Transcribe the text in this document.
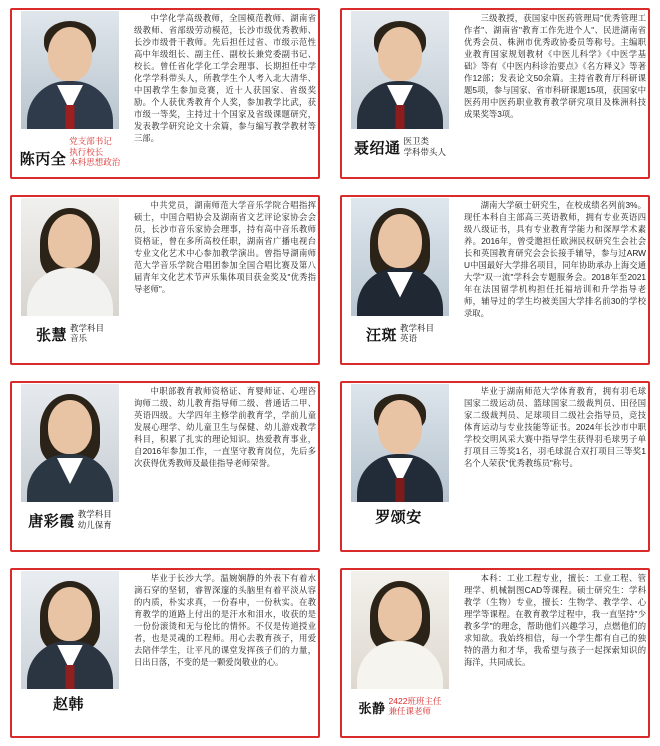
陈丙全
党支部书记
执行校长
本科思想政治

中学化学高级教师，全国模范教师、湖南省级教师、省部级劳动模范，长沙市级优秀教师、长沙市级骨干教师。先后担任过省、市级示范性高中年级组长、副主任、副校长兼党委副书记、校长。曾任省化学化工学会理事、长期担任中学化学学科带头人，所教学生个人考入北大清华、中国教学生参加竞赛，近十人获国家、省级奖励。个人获优秀教育个人奖，参加教学比武，获市级一等奖，主持过十个国家及省级课题研究，发表教学研究论文十余篇，参与编写教学教材等三部。

聂绍通 医卫类
学科带头人

三级教授，获国家中医药管理局"优秀管理工作者"、湖南省"教育工作先进个人"、民进湖南省优秀会员、株洲市优秀政协委员等称号。主编职业教育国家规划教材《中医儿科学》《中医学基础》等有《中医内科诊治要点》《名方释义》等著作12部；发表论文50余篇。主持省教育厅科研课题5项，参与国家、省市科研课题15项，获国家中医药用中医药职业教育教学研究项目及株洲科技成果奖等3项。

张慧 教学科目
音乐

中共党员，湖南师范大学音乐学院合唱指挥硕士，中国合唱协会及湖南省文艺评论家协会会员，长沙市音乐家协会理事，持有高中音乐教师资格证，曾在多所高校任职，湖南省广播电视台专业文化艺术中心参加教学演出。曾指导湖南师范大学音乐学院合唱团参加全国合唱比赛及第八届青年文化艺术节声乐集体项目获金奖及"优秀指导老师"。

汪斑 教学科目
英语

湖南大学硕士研究生，在校成绩名列前3%。现任本科自主部高三英语教师，拥有专业英语四级八级证书，具有专业教育学能力和深厚学术素养。2016年，曾受邀担任欧洲民权研究生会社会长和英国教育研究会会长接手辅导，参与过ARWU中国最好大学排名项目，同年协助承办上海交通大学"双一流"学科会专题服务会。2018年至2021年在法国留学机构担任托福培训和升学指导老师，辅导过的学生均被美国大学排名前30的学校录取。

唐彩霞 教学科目
幼儿保育

中职部教育教师资格证、育婴师证、心理咨询师二级、幼儿教育指导师二级、普通话二甲、英语四级。大学四年主修学前教育学，学前儿童发展心理学、幼儿童卫生与保健、幼儿游戏教学科目，积累了扎实的理论知识。热爱教育事业，自2016年参加工作，一直坚守教育岗位，先后多次获得优秀教师及最佳指导老师荣誉。

罗颂安

毕业于湖南师范大学体育教育，拥有羽毛球国家二级运动员、篮球国家二级裁判员、田径国家二级裁判员、足球项目二级社会指导员，竞技体育运动与专业技能等证书。2024年长沙市中职学校交明风采大赛中指导学生获得羽毛球男子单打项目三等奖1名，羽毛球混合双打项目三等奖1名个人荣获"优秀教练员"称号。

赵韩

毕业于长沙大学。温婉娴静的外表下有着水滴石穿的坚韧，睿智深邃的头脑里有着平淡从容的内质，朴实求真，一份春申，一份秋实。在教育教学的道路上付出的是汗水和泪水，收获的是一份份滚烫和无与伦比的情怀。不仅是传道授业者，也是灵魂的工程师。用心去教育孩子，用爱去陪伴学生，让平凡的课堂发挥孩子们的力量，日出日落，不变的是一颗爱岗敬业的心。

张静
2422班班主任
兼任课老师

本科：工业工程专业，擅长：工业工程、管理学、机械制图CAD等课程。硕士研究生：学科教学（生物）专业，擅长：生物学、教学学、心理学等课程。在教育教学过程中，我一直坚持"少教多学"的理念，帮助他们兴趣学习，点燃他们的求知欲。我始终相信，每一个学生都有自己的独特的潜力和才华，我希望与孩子一起探索知识的海洋，共同成长。
